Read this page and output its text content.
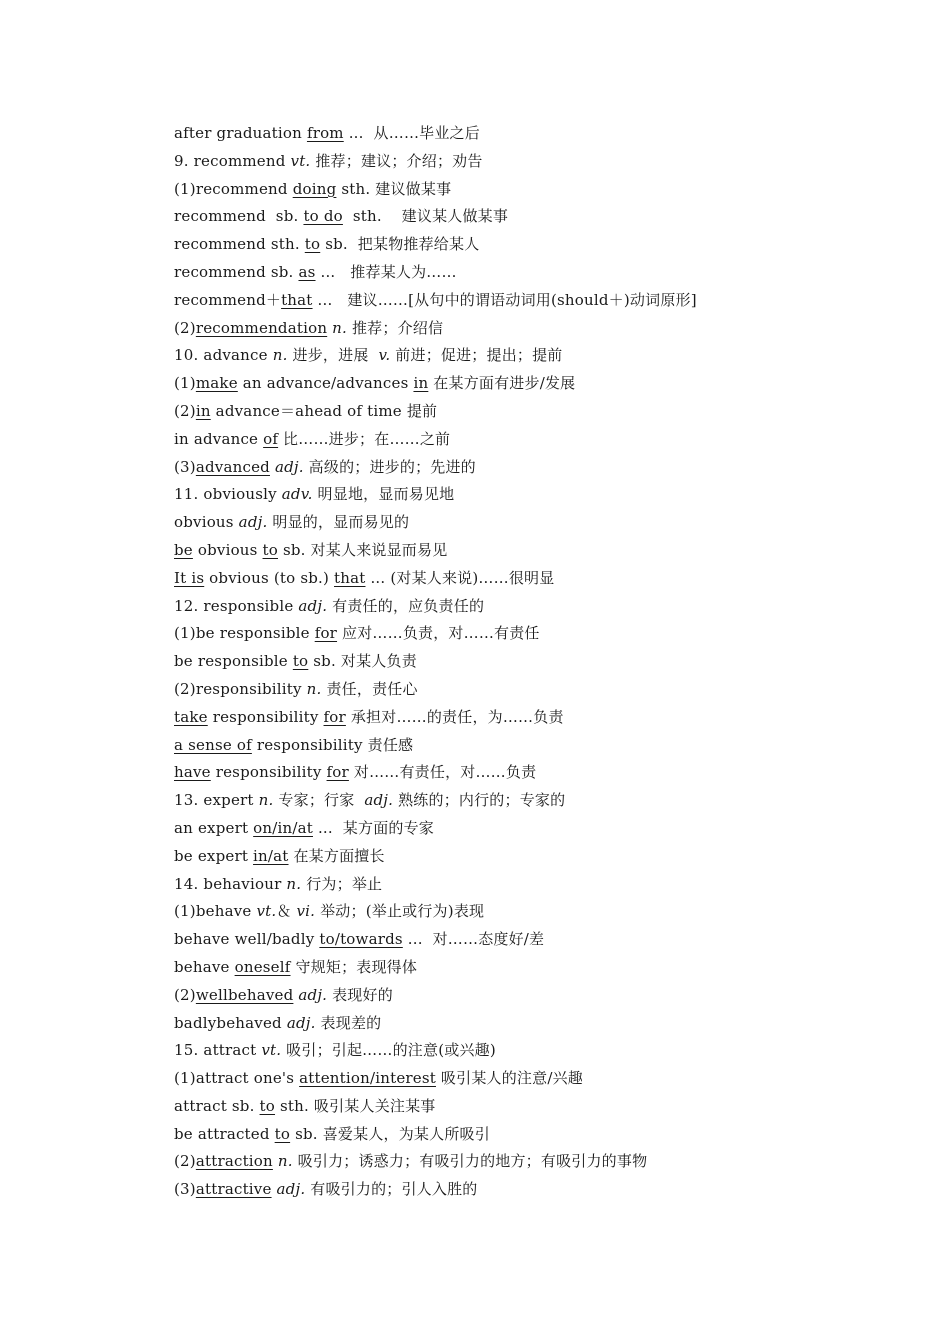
after graduation from ...  从……毕业之后
9. recommend vt. 推荐；建议；介绍；劝告
(1)recommend doing sth. 建议做某事
recommend  sb. to do  sth.    建议某人做某事
recommend sth. to sb.  把某物推荐给某人
recommend sb. as ...   推荐某人为……
recommend＋that ...   建议……[从句中的谓语动词用(should＋)动词原形]
(2)recommendation n. 推荐；介绍信
10. advance n. 进步，进展  v. 前进；促进；提出；提前
(1)make an advance/advances in 在某方面有进步/发展
(2)in advance＝ahead of time 提前
in advance of 比……进步；在……之前
(3)advanced adj. 高级的；进步的；先进的
11. obviously adv. 明显地，显而易见地
obvious adj. 明显的，显而易见的
be obvious to sb. 对某人来说显而易见
It is obvious (to sb.) that ... (对某人来说)……很明显
12. responsible adj. 有责任的，应负责任的
(1)be responsible for 应对……负责，对……有责任
be responsible to sb. 对某人负责
(2)responsibility n. 责任，责任心
take responsibility for 承担对……的责任，为……负责
a sense of responsibility 责任感
have responsibility for 对……有责任，对……负责
13. expert n. 专家；行家  adj. 熟练的；内行的；专家的
an expert on/in/at ...  某方面的专家
be expert in/at 在某方面擅长
14. behaviour n. 行为；举止
(1)behave vt.＆ vi. 举动；(举止或行为)表现
behave well/badly to/towards ...  对……态度好/差
behave oneself 守规矩；表现得体
(2)wellbehaved adj. 表现好的
badlybehaved adj. 表现差的
15. attract vt. 吸引；引起……的注意(或兴趣)
(1)attract one's attention/interest 吸引某人的注意/兴趣
attract sb. to sth. 吸引某人关注某事
be attracted to sb. 喜爱某人，为某人所吸引
(2)attraction n. 吸引力；诱惑力；有吸引力的地方；有吸引力的事物
(3)attractive adj. 有吸引力的；引人入胜的
